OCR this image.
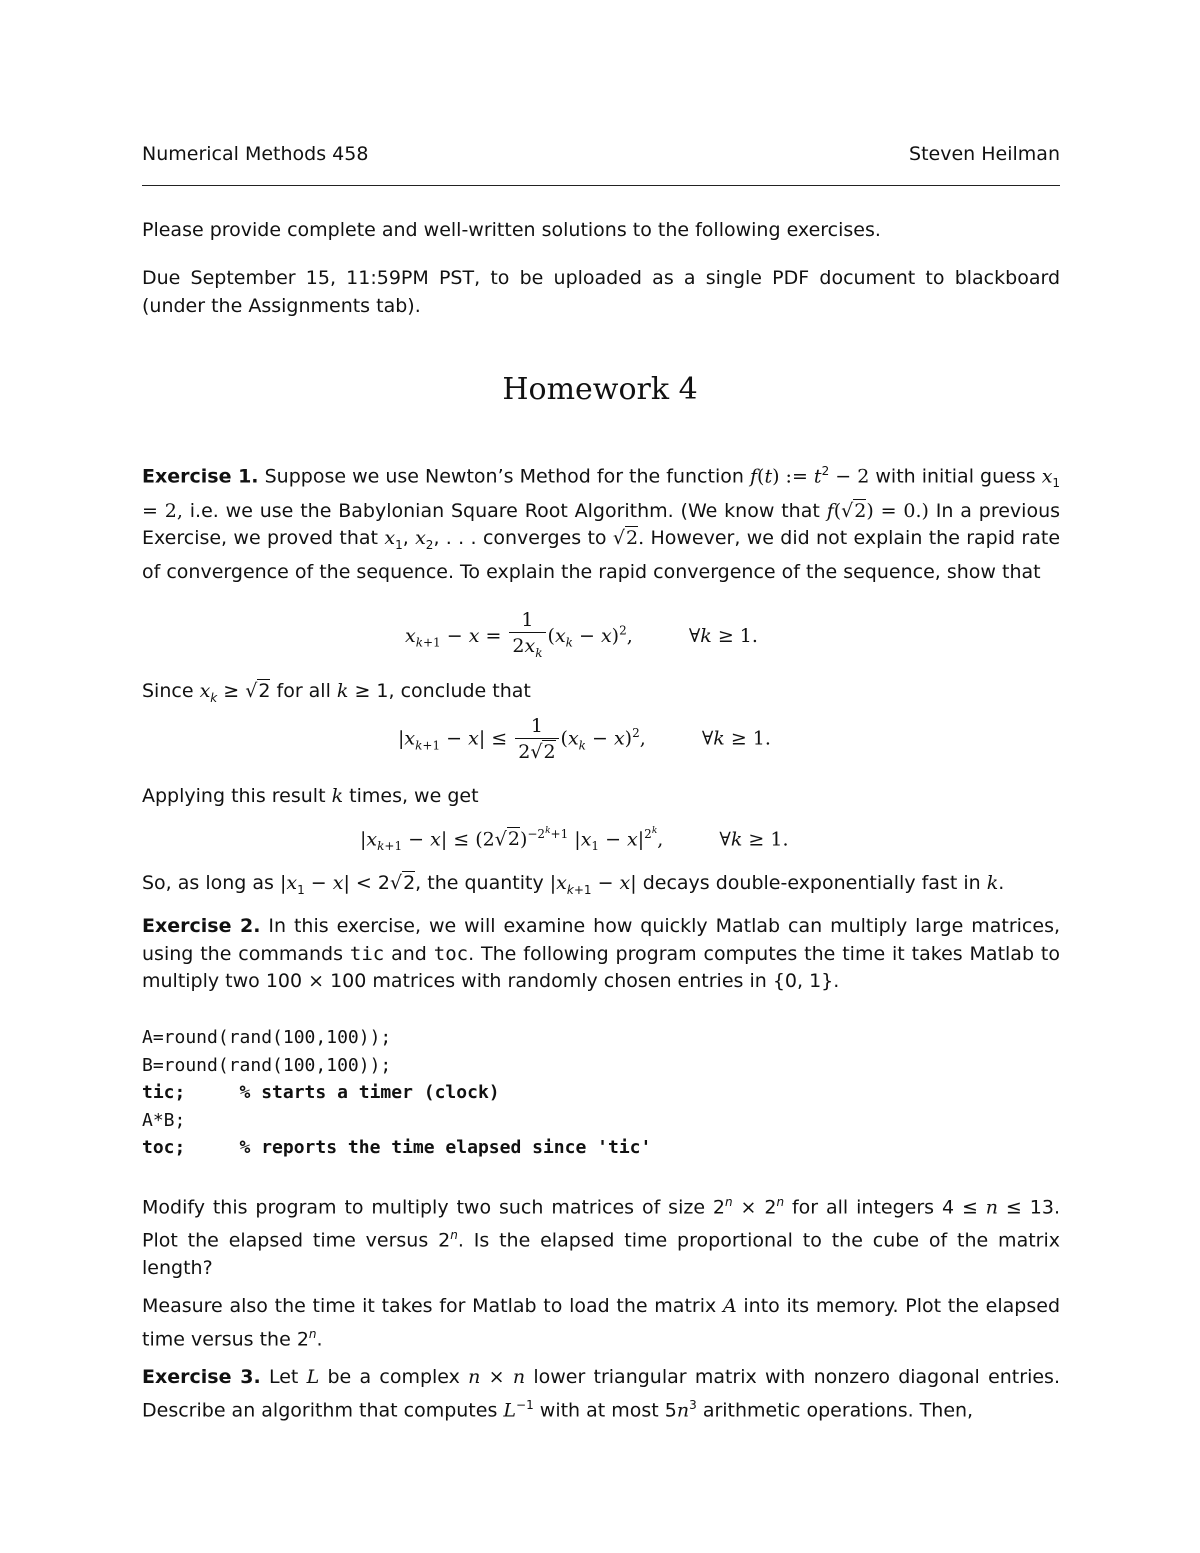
Numerical Methods 458	Steven Heilman
Please provide complete and well-written solutions to the following exercises.
Due September 15, 11:59PM PST, to be uploaded as a single PDF document to blackboard (under the Assignments tab).
Homework 4
Exercise 1. Suppose we use Newton’s Method for the function f(t) := $t^2 - 2$ with initial guess $x_1 = 2$, i.e. we use the Babylonian Square Root Algorithm. (We know that f(√2) = 0.) In a previous Exercise, we proved that $x_1$, $x_2$, . . . converges to √2. However, we did not explain the rapid rate of convergence of the sequence. To explain the rapid convergence of the sequence, show that
$x_{k+1} - x = \frac{1}{2x_k} (x_k - x)^2$,	∀k ≥ 1.
Since $x_k \ge √2$ for all k ≥ 1, conclude that
$|x_{k+1} - x| \le \frac{1}{2√2} (x_k - x)^2$,	∀k ≥ 1.
Applying this result k times, we get
$|x_{k+1} - x| \le (2√2)^{-2^k+1}$ $|x_1 - x|^{2^k}$,	∀k ≥ 1.
So, as long as $|x_1 - x| < 2√2$, the quantity $|x_{k+1} - x|$ decays double-exponentially fast in k.
Exercise 2. In this exercise, we will examine how quickly Matlab can multiply large matrices, using the commands tic and toc. The following program computes the time it takes Matlab to multiply two 100 × 100 matrices with randomly chosen entries in {0, 1}.
A=round(rand(100,100));
B=round(rand(100,100));
tic;     % starts a timer (clock)
A*B;
toc;     % reports the time elapsed since 'tic'
Modify this program to multiply two such matrices of size $2^n \times 2^n$ for all integers 4 ≤ n ≤ 13. Plot the elapsed time versus 2$^n$. Is the elapsed time proportional to the cube of the matrix length?
Measure also the time it takes for Matlab to load the matrix A into its memory. Plot the elapsed time versus the 2$^n$.
Exercise 3. Let L be a complex n × n lower triangular matrix with nonzero diagonal entries. Describe an algorithm that computes $L^{-1}$ with at most $5n^3$ arithmetic operations. Then,
